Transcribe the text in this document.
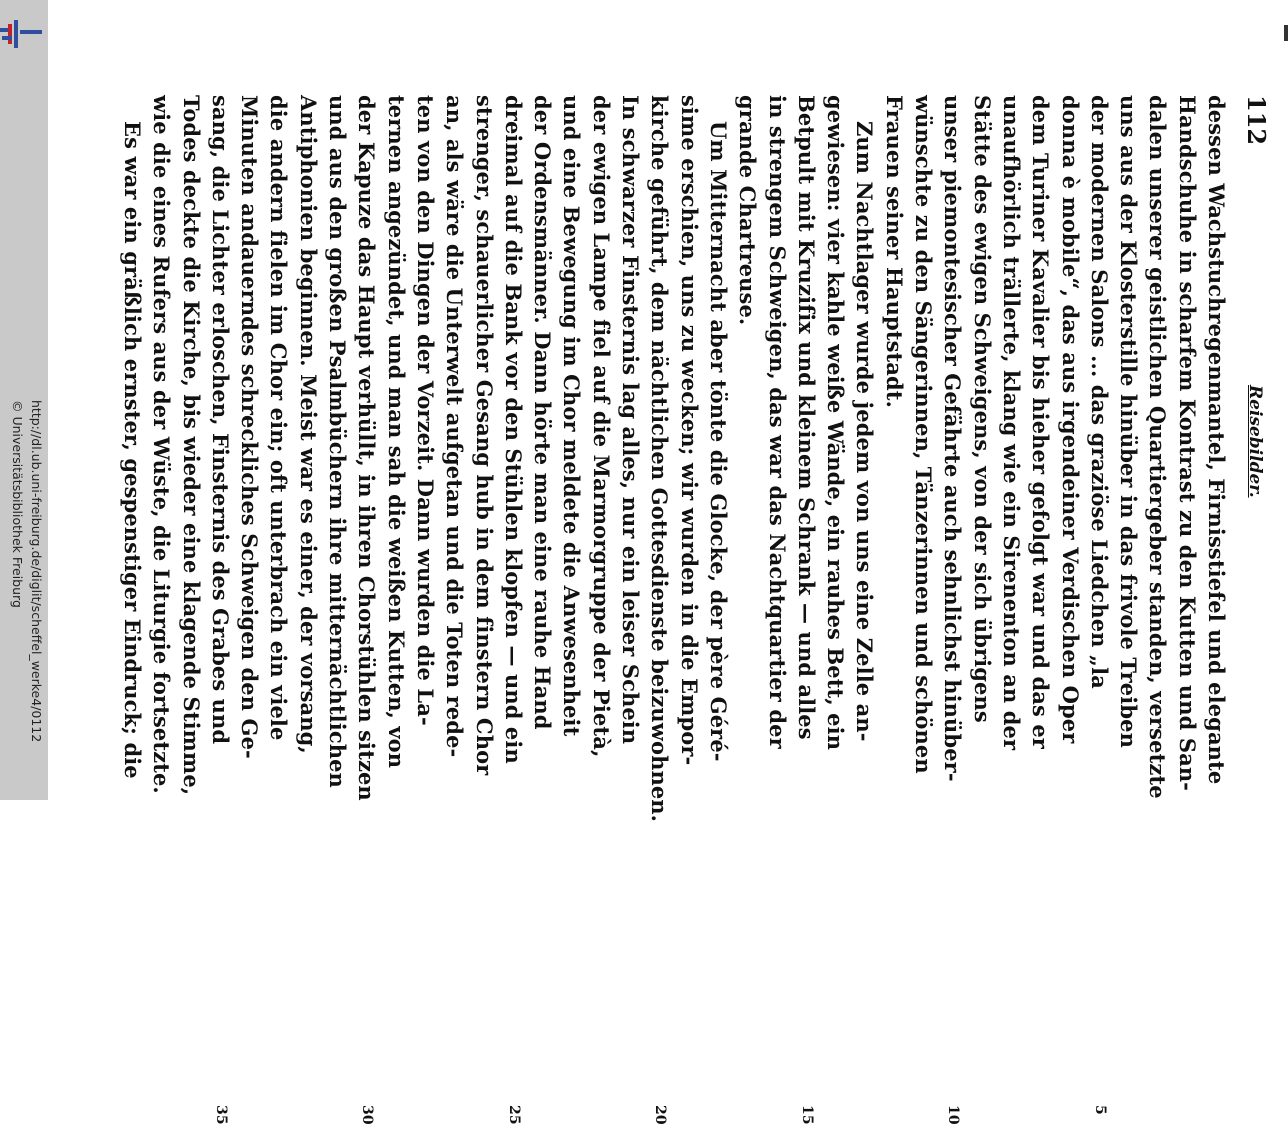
http://dl.ub.uni-freiburg.de/diglit/scheffel_werke4/0112
© Universitätsbibliothek Freiburg
112
Reisebilder.
dessen Wachstuchregenmantel, Firnisstiefel und elegante
Handschuhe in scharfem Kontrast zu den Kutten und San-
dalen unserer geistlichen Quartiergeber standen, versetzte
uns aus der Klosterstille hinüber in das frivole Treiben
der modernen Salons ... das graziöse Liedchen „la
5
donna è mobile“, das aus irgendeiner Verdischen Oper
dem Turiner Kavalier bis hieher gefolgt war und das er
unaufhörlich trällerte, klang wie ein Sirenenton an der
Stätte des ewigen Schweigens, von der sich übrigens
unser piemontesischer Gefährte auch sehnlichst hinüber-
10
wünschte zu den Sängerinnen, Tänzerinnen und schönen
Frauen seiner Hauptstadt.
Zum Nachtlager wurde jedem von uns eine Zelle an-
gewiesen: vier kahle weiße Wände, ein rauhes Bett, ein
Betpult mit Kruzifix und kleinem Schrank — und alles
15
in strengem Schweigen, das war das Nachtquartier der
grande Chartreuse.
Um Mitternacht aber tönte die Glocke, der père Géré-
sime erschien, uns zu wecken; wir wurden in die Empor-
kirche geführt, dem nächtlichen Gottesdienste beizuwohnen.
20
In schwarzer Finsternis lag alles, nur ein leiser Schein
der ewigen Lampe fiel auf die Marmorgruppe der Pietà,
und eine Bewegung im Chor meldete die Anwesenheit
der Ordensmänner. Dann hörte man eine rauhe Hand
dreimal auf die Bank vor den Stühlen klopfen — und ein
25
strenger, schauerlicher Gesang hub in dem finstern Chor
an, als wäre die Unterwelt aufgetan und die Toten rede-
ten von den Dingen der Vorzeit. Dann wurden die La-
ternen angezündet, und man sah die weißen Kutten, von
der Kapuze das Haupt verhüllt, in ihren Chorstühlen sitzen
30
und aus den großen Psalmbüchern ihre mitternächtlichen
Antiphonien beginnen. Meist war es einer, der vorsang,
die andern fielen im Chor ein; oft unterbrach ein viele
Minuten andauerndes schreckliches Schweigen den Ge-
sang, die Lichter erloschen, Finsternis des Grabes und
35
Todes deckte die Kirche, bis wieder eine klagende Stimme,
wie die eines Rufers aus der Wüste, die Liturgie fortsetzte.
Es war ein gräßlich ernster, gespenstiger Eindruck; die
